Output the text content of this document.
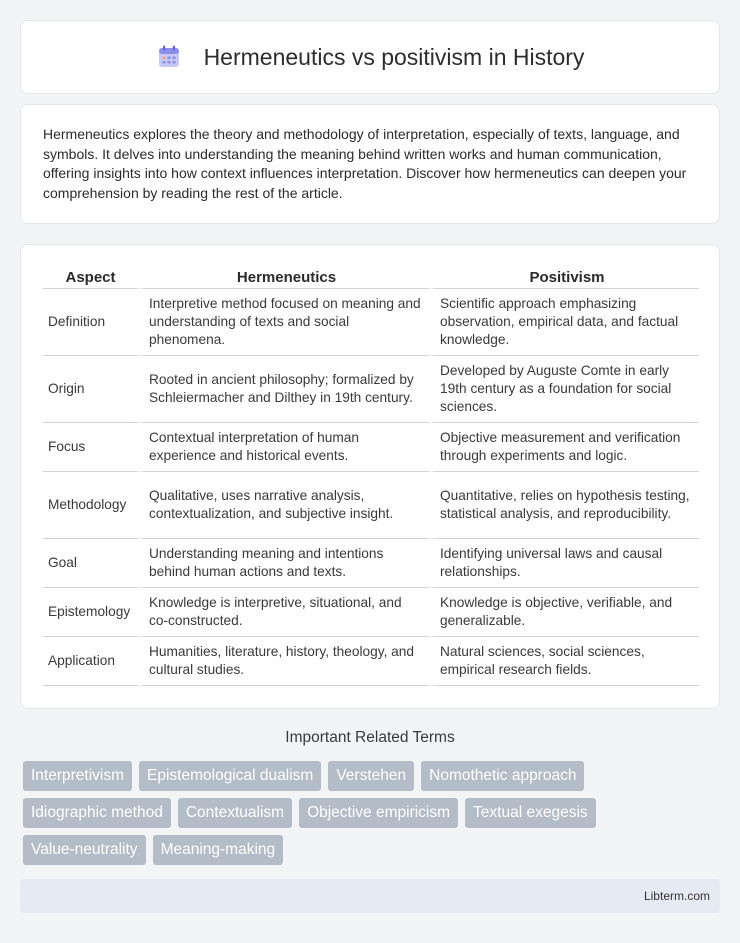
Hermeneutics vs positivism in History

Hermeneutics explores the theory and methodology of interpretation, especially of texts, language, and symbols. It delves into understanding the meaning behind written works and human communication, offering insights into how context influences interpretation. Discover how hermeneutics can deepen your comprehension by reading the rest of the article.

Aspect	Hermeneutics	Positivism
Definition	Interpretive method focused on meaning and understanding of texts and social phenomena.	Scientific approach emphasizing observation, empirical data, and factual knowledge.
Origin	Rooted in ancient philosophy; formalized by Schleiermacher and Dilthey in 19th century.	Developed by Auguste Comte in early 19th century as a foundation for social sciences.
Focus	Contextual interpretation of human experience and historical events.	Objective measurement and verification through experiments and logic.
Methodology	Qualitative, uses narrative analysis, contextualization, and subjective insight.	Quantitative, relies on hypothesis testing, statistical analysis, and reproducibility.
Goal	Understanding meaning and intentions behind human actions and texts.	Identifying universal laws and causal relationships.
Epistemology	Knowledge is interpretive, situational, and co-constructed.	Knowledge is objective, verifiable, and generalizable.
Application	Humanities, literature, history, theology, and cultural studies.	Natural sciences, social sciences, empirical research fields.
Important Related Terms
Interpretivism	Epistemological dualism	Verstehen	Nomothetic approach
Idiographic method	Contextualism	Objective empiricism	Textual exegesis
Value-neutrality	Meaning-making
Libterm.com
